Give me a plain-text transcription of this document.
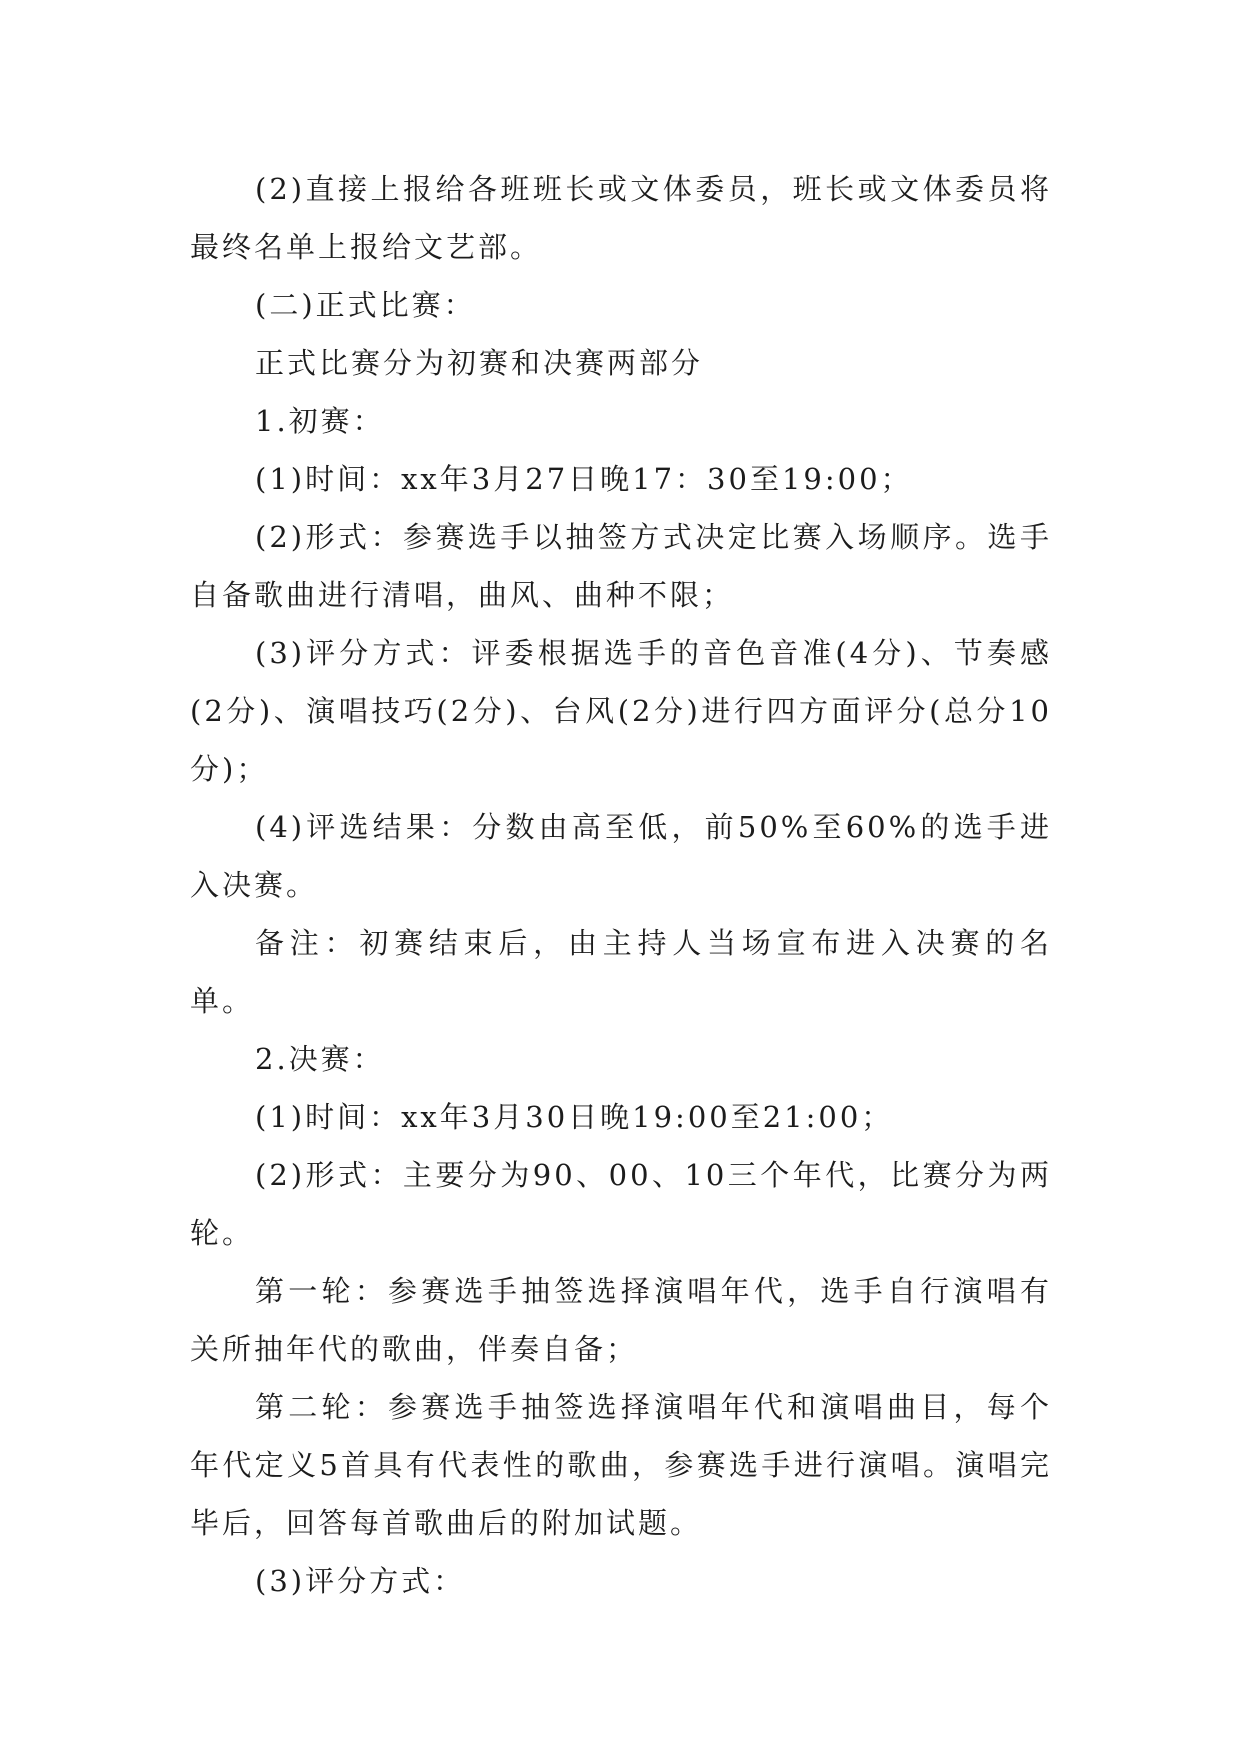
(2)直接上报给各班班长或文体委员，班长或文体委员将最终名单上报给文艺部。

(二)正式比赛：

正式比赛分为初赛和决赛两部分

1.初赛：

(1)时间：xx年3月27日晚17：30至19:00；

(2)形式：参赛选手以抽签方式决定比赛入场顺序。选手自备歌曲进行清唱，曲风、曲种不限；

(3)评分方式：评委根据选手的音色音准(4分)、节奏感(2分)、演唱技巧(2分)、台风(2分)进行四方面评分(总分10分)；

(4)评选结果：分数由高至低，前50%至60%的选手进入决赛。

备注：初赛结束后，由主持人当场宣布进入决赛的名单。

2.决赛：

(1)时间：xx年3月30日晚19:00至21:00；

(2)形式：主要分为90、00、10三个年代，比赛分为两轮。

第一轮：参赛选手抽签选择演唱年代，选手自行演唱有关所抽年代的歌曲，伴奏自备；

第二轮：参赛选手抽签选择演唱年代和演唱曲目，每个年代定义5首具有代表性的歌曲，参赛选手进行演唱。演唱完毕后，回答每首歌曲后的附加试题。

(3)评分方式：
